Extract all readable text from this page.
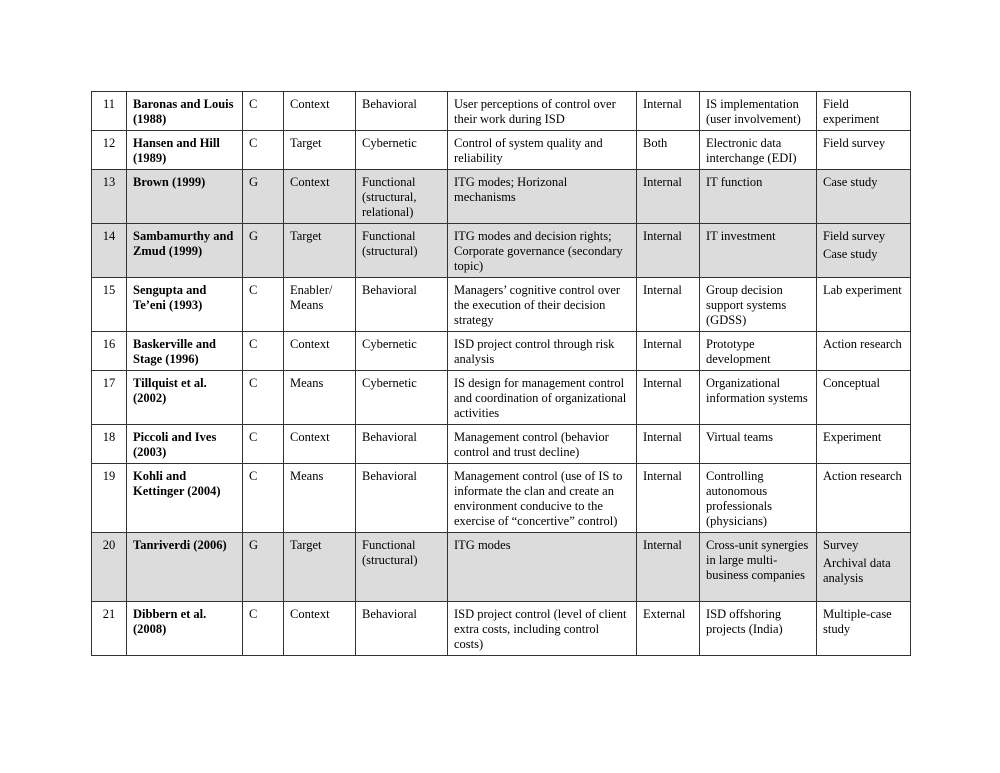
11	Baronas and Louis (1988)	C	Context	Behavioral	User perceptions of control over their work during ISD	Internal	IS implementation (user involvement)	Field experiment

12	Hansen and Hill (1989)	C	Target	Cybernetic	Control of system quality and reliability	Both	Electronic data interchange (EDI)	Field survey

13	Brown (1999)	G	Context	Functional (structural, relational)	ITG modes; Horizonal mechanisms	Internal	IT function	Case study

14	Sambamurthy and Zmud (1999)	G	Target	Functional (structural)	ITG modes and decision rights; Corporate governance (secondary topic)	Internal	IT investment	Field survey
Case study

15	Sengupta and Te’eni (1993)	C	Enabler/ Means	Behavioral	Managers’ cognitive control over the execution of their decision strategy	Internal	Group decision support systems (GDSS)	Lab experiment

16	Baskerville and Stage (1996)	C	Context	Cybernetic	ISD project control through risk analysis	Internal	Prototype development	Action research

17	Tillquist et al. (2002)	C	Means	Cybernetic	IS design for management control and coordination of organizational activities	Internal	Organizational information systems	Conceptual

18	Piccoli and Ives (2003)	C	Context	Behavioral	Management control (behavior control and trust decline)	Internal	Virtual teams	Experiment

19	Kohli and Kettinger (2004)	C	Means	Behavioral	Management control (use of IS to informate the clan and create an environment conducive to the exercise of “concertive” control)	Internal	Controlling autonomous professionals (physicians)	Action research

20	Tanriverdi (2006)	G	Target	Functional (structural)	ITG modes	Internal	Cross-unit synergies in large multi-business companies	Survey
Archival data analysis

21	Dibbern et al. (2008)	C	Context	Behavioral	ISD project control (level of client extra costs, including control costs)	External	ISD offshoring projects (India)	Multiple-case study
